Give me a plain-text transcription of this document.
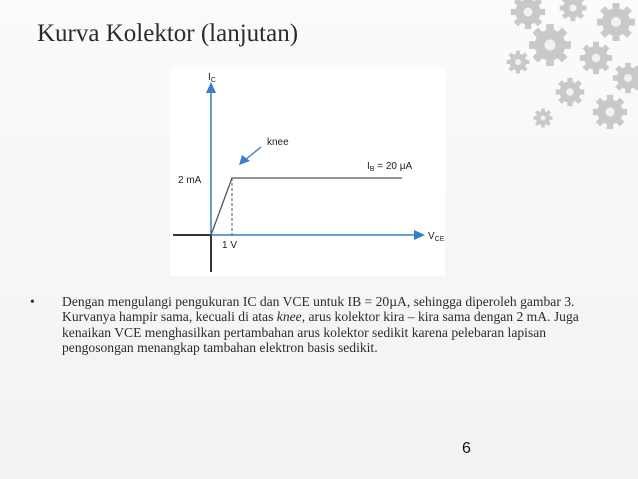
Kurva Kolektor (lanjutan)
$I_C$
$V_{CE}$
knee
2 mA
1 V
$I_B = 20$ μA
• Dengan mengulangi pengukuran IC dan VCE untuk IB = 20µA, sehingga diperoleh gambar 3. Kurvanya hampir sama, kecuali di atas knee, arus kolektor kira – kira sama dengan 2 mA. Juga kenaikan VCE menghasilkan pertambahan arus kolektor sedikit karena pelebaran lapisan pengosongan menangkap tambahan elektron basis sedikit.
6
